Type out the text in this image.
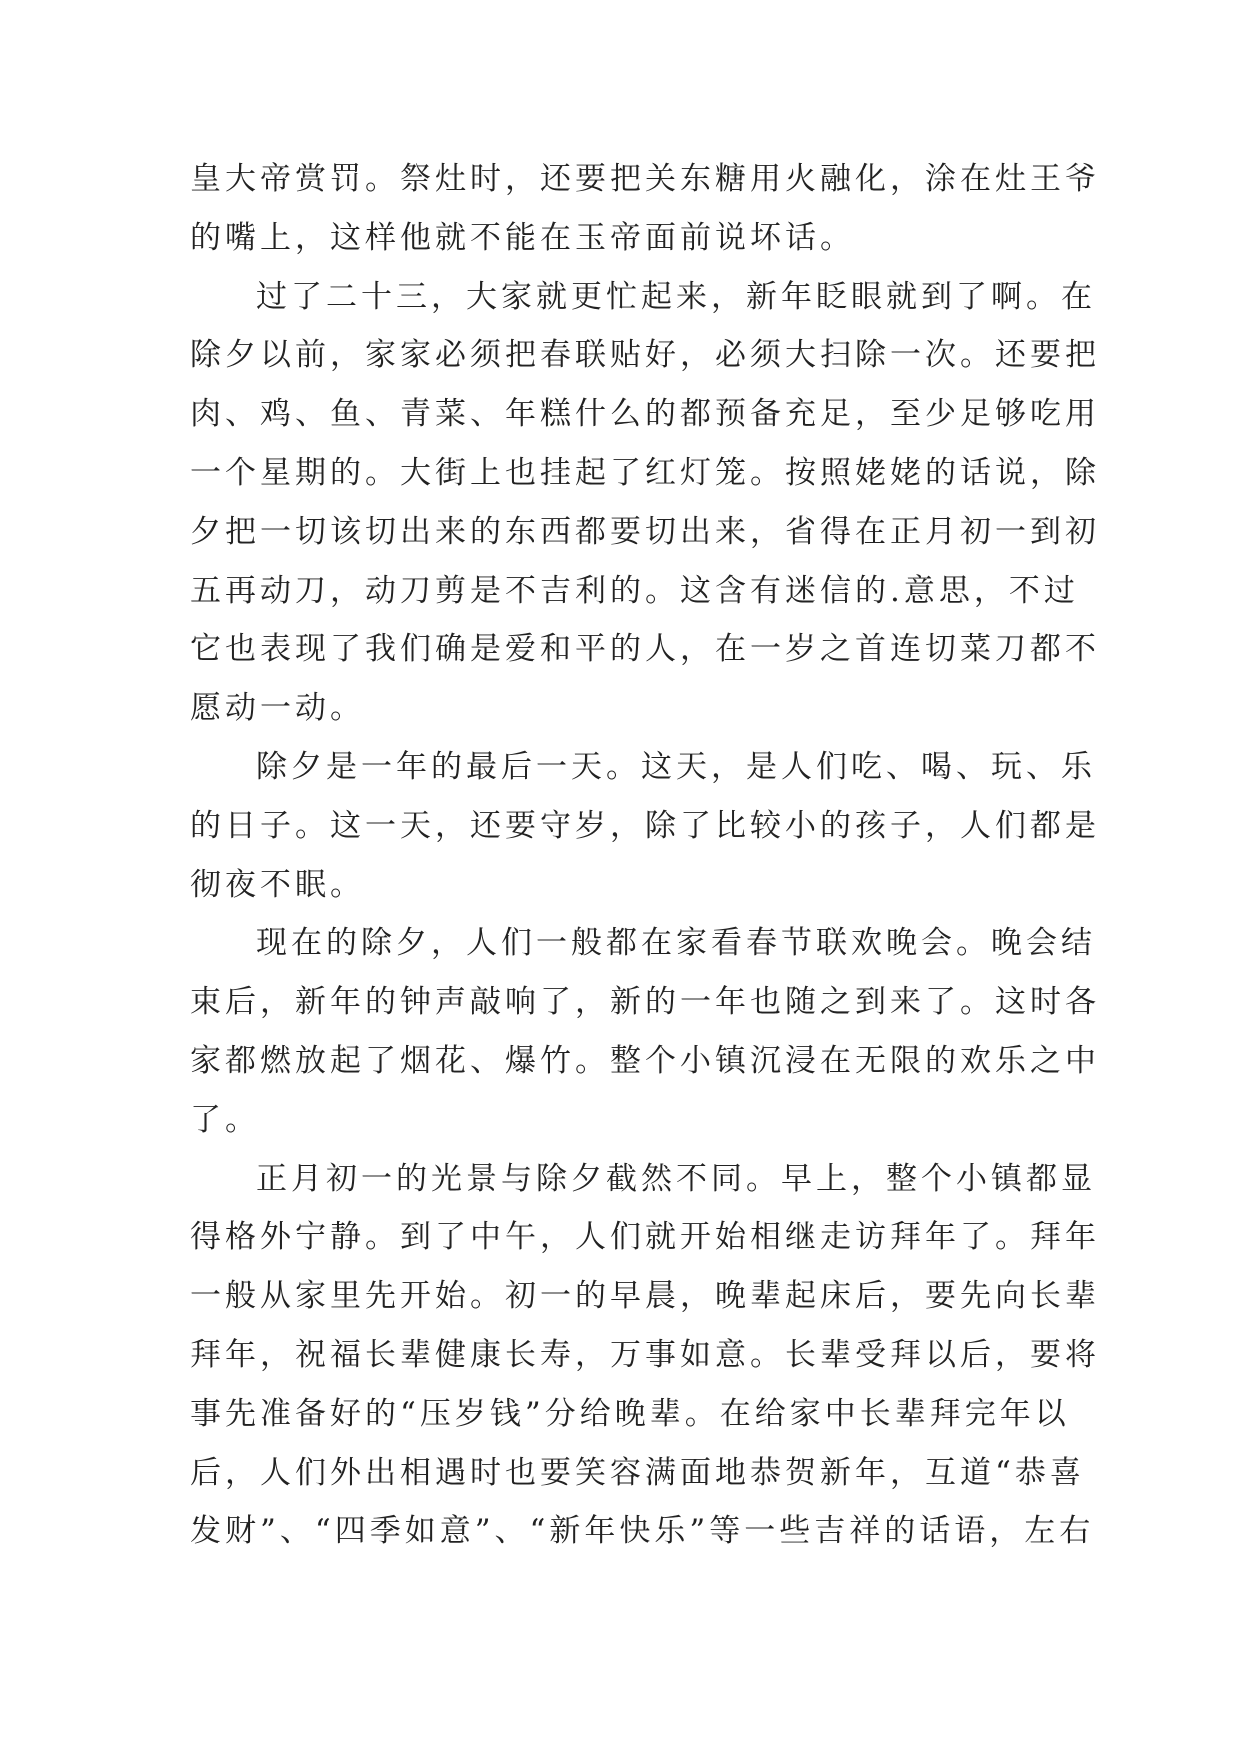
皇大帝赏罚。祭灶时，还要把关东糖用火融化，涂在灶王爷
的嘴上，这样他就不能在玉帝面前说坏话。

过了二十三，大家就更忙起来，新年眨眼就到了啊。在
除夕以前，家家必须把春联贴好，必须大扫除一次。还要把
肉、鸡、鱼、青菜、年糕什么的都预备充足，至少足够吃用
一个星期的。大街上也挂起了红灯笼。按照姥姥的话说，除
夕把一切该切出来的东西都要切出来，省得在正月初一到初
五再动刀，动刀剪是不吉利的。这含有迷信的.意思，不过
它也表现了我们确是爱和平的人，在一岁之首连切菜刀都不
愿动一动。

除夕是一年的最后一天。这天，是人们吃、喝、玩、乐
的日子。这一天，还要守岁，除了比较小的孩子，人们都是
彻夜不眠。

现在的除夕，人们一般都在家看春节联欢晚会。晚会结
束后，新年的钟声敲响了，新的一年也随之到来了。这时各
家都燃放起了烟花、爆竹。整个小镇沉浸在无限的欢乐之中
了。

正月初一的光景与除夕截然不同。早上，整个小镇都显
得格外宁静。到了中午，人们就开始相继走访拜年了。拜年
一般从家里先开始。初一的早晨，晚辈起床后，要先向长辈
拜年，祝福长辈健康长寿，万事如意。长辈受拜以后，要将
事先准备好的“压岁钱”分给晚辈。在给家中长辈拜完年以
后，人们外出相遇时也要笑容满面地恭贺新年，互道“恭喜
发财”、“四季如意”、“新年快乐”等一些吉祥的话语，左右
